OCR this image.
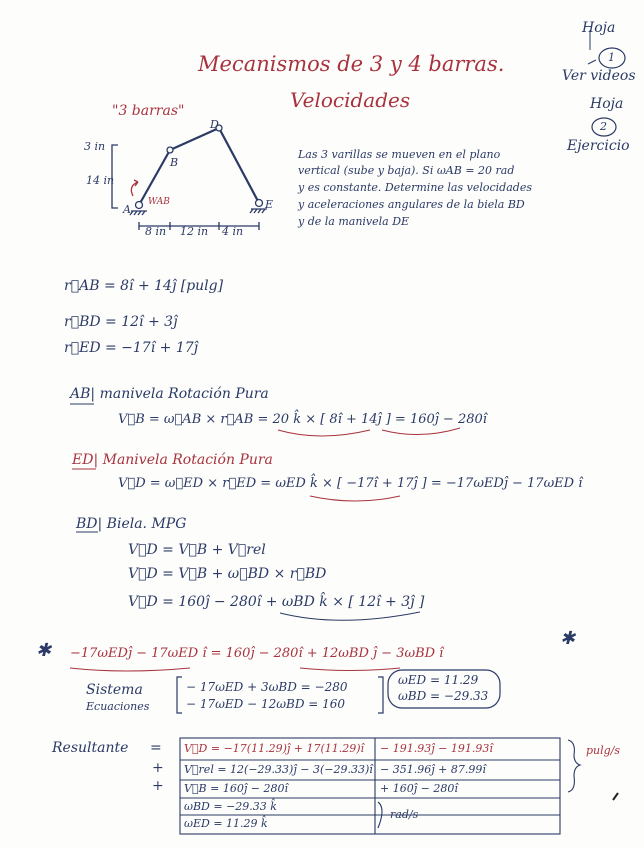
Mecanismos de 3 y 4 barras.
Velocidades
Hoja
1
Ver videos
Hoja
2
Ejercicio
"3 barras"
3 in
14 in
A
B
D
E
WAB
8 in 12 in 4 in
Las 3 varillas se mueven en el plano
vertical (sube y baja). Si ωAB = 20 rad
y es constante. Determine las velocidades
y aceleraciones angulares de la biela BD
y de la manivela DE
r⃗AB = 8î + 14ĵ [pulg]
r⃗BD = 12î + 3ĵ
r⃗ED = −17î + 17ĵ
AB| manivela Rotación Pura
V⃗B = ω⃗AB × r⃗AB = 20 k̂ × [ 8î + 14ĵ ] = 160ĵ − 280î
ED| Manivela Rotación Pura
V⃗D = ω⃗ED × r⃗ED = ωED k̂ × [ −17î + 17ĵ ] = −17ωEDĵ − 17ωED î
BD| Biela. MPG
V⃗D = V⃗B + V⃗rel
V⃗D = V⃗B + ω⃗BD × r⃗BD
V⃗D = 160ĵ − 280î + ωBD k̂ × [ 12î + 3ĵ ]
✱ −17ωEDĵ − 17ωED î = 160ĵ − 280î + 12ωBD ĵ − 3ωBD î
✱
Sistema
Ecuaciones
− 17ωED + 3ωBD = −280
− 17ωED − 12ωBD = 160
ωED = 11.29
ωBD = −29.33
Resultante =
+
+
V⃗D = −17(11.29)ĵ + 17(11.29)î − 191.93ĵ − 191.93î
V⃗rel = 12(−29.33)ĵ − 3(−29.33)î − 351.96ĵ + 87.99î
V⃗B = 160ĵ − 280î	+ 160ĵ − 280î
ωBD = −29.33 k̂
ωED = 11.29 k̂
pulg/s
rad/s
